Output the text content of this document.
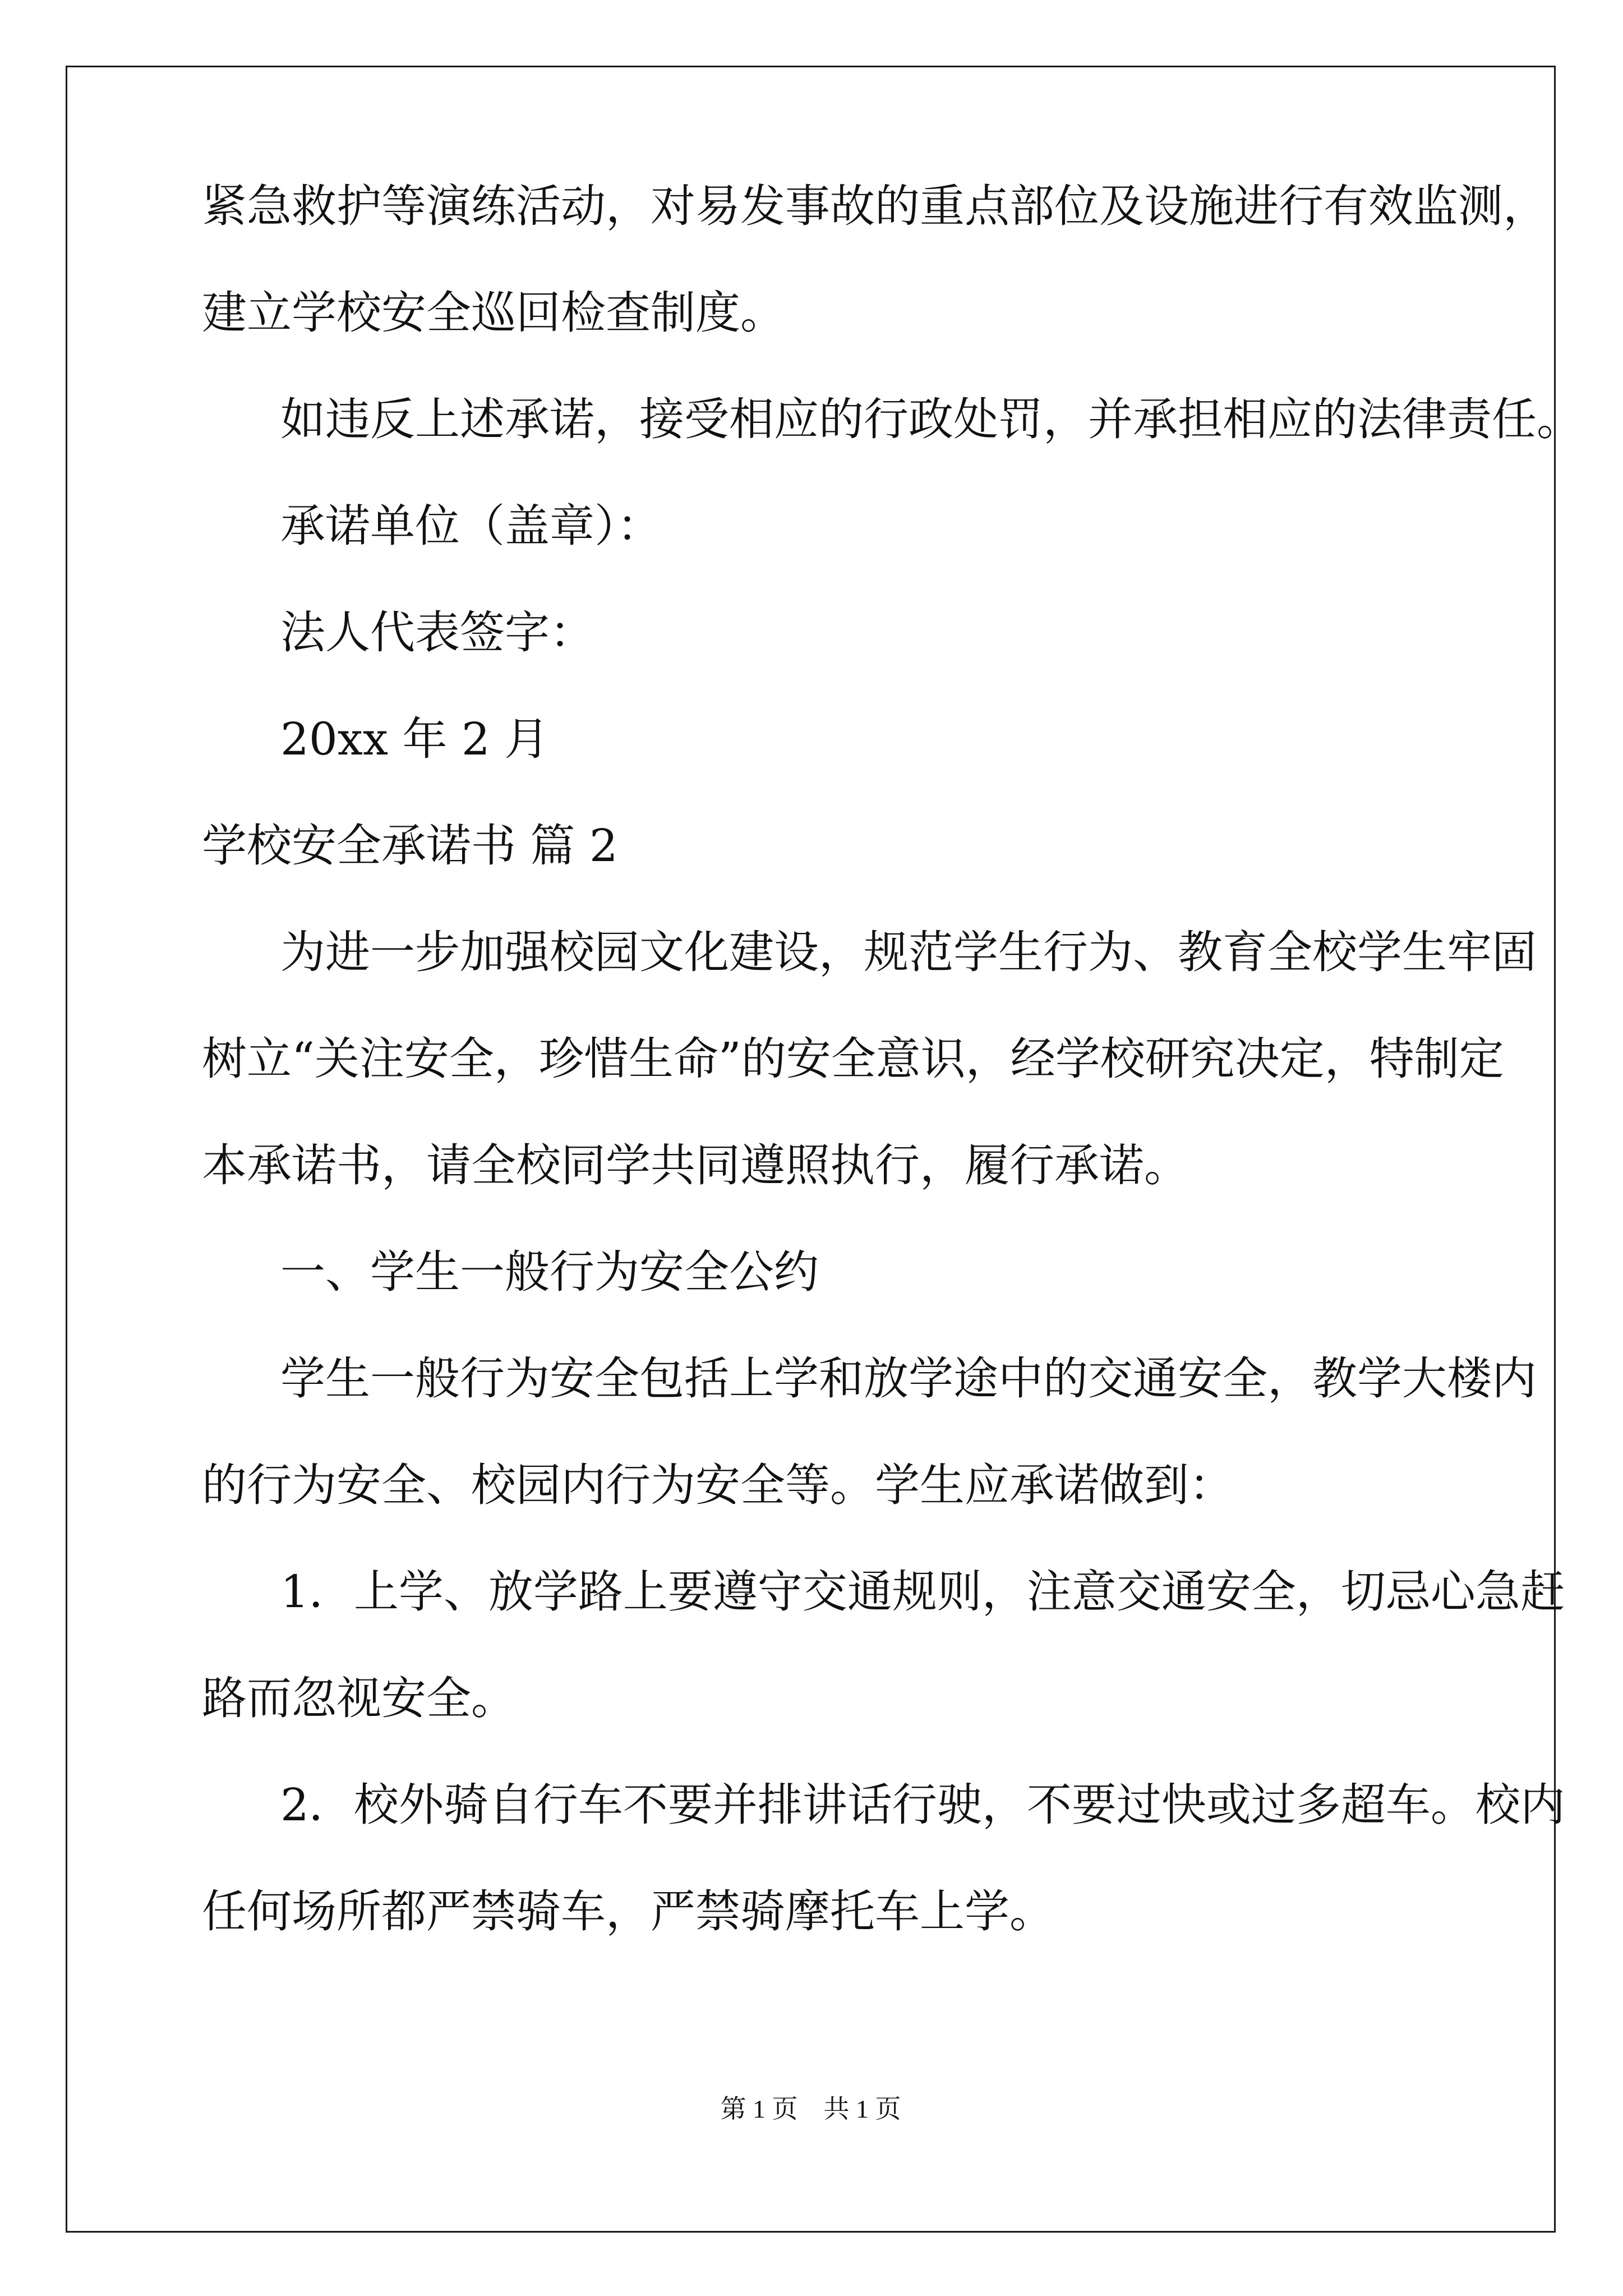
紧急救护等演练活动，对易发事故的重点部位及设施进行有效监测，
建立学校安全巡回检查制度。
如违反上述承诺，接受相应的行政处罚，并承担相应的法律责任。
承诺单位（盖章）：
法人代表签字：
20xx 年 2 月
学校安全承诺书 篇 2
为进一步加强校园文化建设，规范学生行为、教育全校学生牢固
树立“关注安全，珍惜生命”的安全意识，经学校研究决定，特制定
本承诺书，请全校同学共同遵照执行，履行承诺。
一、学生一般行为安全公约
学生一般行为安全包括上学和放学途中的交通安全，教学大楼内
的行为安全、校园内行为安全等。学生应承诺做到：
1．上学、放学路上要遵守交通规则，注意交通安全，切忌心急赶
路而忽视安全。
2．校外骑自行车不要并排讲话行驶，不要过快或过多超车。校内
任何场所都严禁骑车，严禁骑摩托车上学。
第 1 页    共 1 页
